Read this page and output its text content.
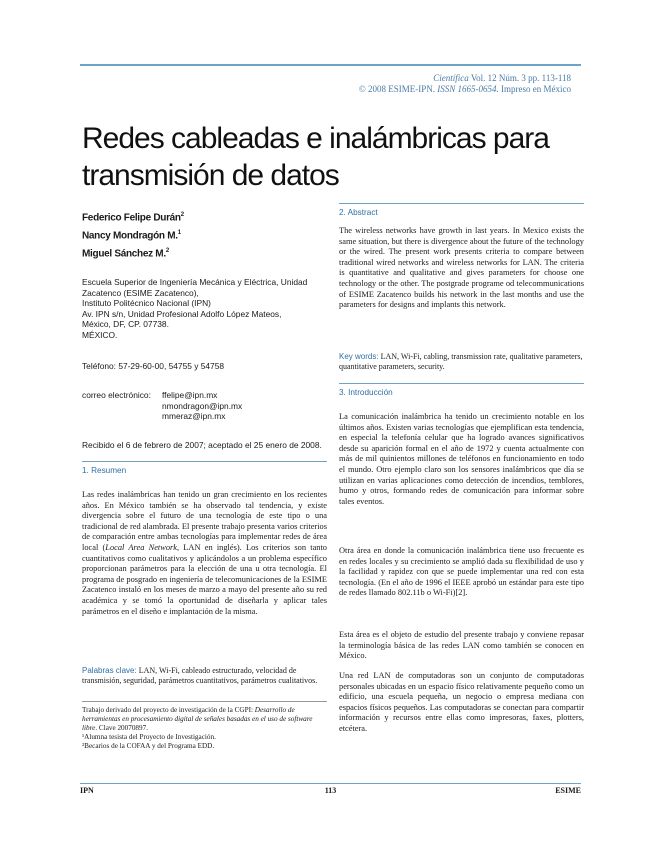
Científica Vol. 12 Núm. 3 pp. 113-118
© 2008 ESIME-IPN. ISSN 1665-0654. Impreso en México
Redes cableadas e inalámbricas para
transmisión de datos
Federico Felipe Durán$^2$
Nancy Mondragón M.$^1$
Miguel Sánchez M.$^2$

Escuela Superior de Ingeniería Mecánica y Eléctrica, Unidad

Zacatenco (ESIME Zacatenco),

Instituto Politécnico Nacional (IPN)

Av. IPN s/n, Unidad Profesional Adolfo López Mateos,

México, DF, CP. 07738.

MÉXICO.

Teléfono: 57-29-60-00, 54755 y 54758
correo electrónico: ffelipe@ipn.mx
nmondragon@ipn.mx
mmeraz@ipn.mx
Recibido el 6 de febrero de 2007; aceptado el 25 enero de 2008.
1. Resumen

Las redes inalámbricas han tenido un gran crecimiento en los recientes años. En México también se ha observado tal tendencia, y existe divergencia sobre el futuro de una tecnología de este tipo o una tradicional de red alambrada. El presente trabajo presenta varios criterios de comparación entre ambas tecnologías para implementar redes de área local (Local Area Network, LAN en inglés). Los criterios son tanto cuantitativos como cualitativos y aplicándolos a un problema específico proporcionan parámetros para la elección de una u otra tecnología. El programa de posgrado en ingeniería de telecomunicaciones de la ESIME Zacatenco instaló en los meses de marzo a mayo del presente año su red académica y se tomó la oportunidad de diseñarla y aplicar tales parámetros en el diseño e implantación de la misma.

Palabras clave: LAN, Wi-Fi, cableado estructurado, velocidad de transmisión, seguridad, parámetros cuantitativos, parámetros cualitativos.

Trabajo derivado del proyecto de investigación de la CGPI: Desarrollo de herramientas en procesamiento digital de señales basadas en el uso de software libre. Clave 20070897.

¹Alumna tesista del Proyecto de Investigación.

²Becarios de la COFAA y del Programa EDD.

2. Abstract

The wireless networks have growth in last years. In Mexico exists the same situation, but there is divergence about the future of the technology or the wired. The present work presents criteria to compare between traditional wired networks and wireless networks for LAN. The criteria is quantitative and qualitative and gives parameters for choose one technology or the other. The postgrade programe od telecommunications of ESIME Zacatenco builds his network in the last months and use the parameters for designs and implants this network.

Key words: LAN, Wi-Fi, cabling, transmission rate, qualitative parameters, quantitative parameters, security.
3. Introducción

La comunicación inalámbrica ha tenido un crecimiento notable en los últimos años. Existen varias tecnologías que ejemplifican esta tendencia, en especial la telefonía celular que ha logrado avances significativos desde su aparición formal en el año de 1972 y cuenta actualmente con más de mil quinientos millones de teléfonos en funcionamiento en todo el mundo. Otro ejemplo claro son los sensores inalámbricos que día se utilizan en varias aplicaciones como detección de incendios, temblores, humo y otros, formando redes de comunicación para informar sobre tales eventos.

Otra área en donde la comunicación inalámbrica tiene uso frecuente es en redes locales y su crecimiento se amplió dada su flexibilidad de uso y la facilidad y rapidez con que se puede implementar una red con esta tecnología. (En el año de 1996 el IEEE aprobó un estándar para este tipo de redes llamado 802.11b o Wi-Fi)[2].

Esta área es el objeto de estudio del presente trabajo y conviene repasar la terminología básica de las redes LAN como también se conocen en México.

Una red LAN de computadoras son un conjunto de computadoras personales ubicadas en un espacio físico relativamente pequeño como un edificio, una escuela pequeña, un negocio o empresa mediana con espacios físicos pequeños. Las computadoras se conectan para compartir información y recursos entre ellas como impresoras, faxes, plotters, etcétera.

IPN	113	ESIME
